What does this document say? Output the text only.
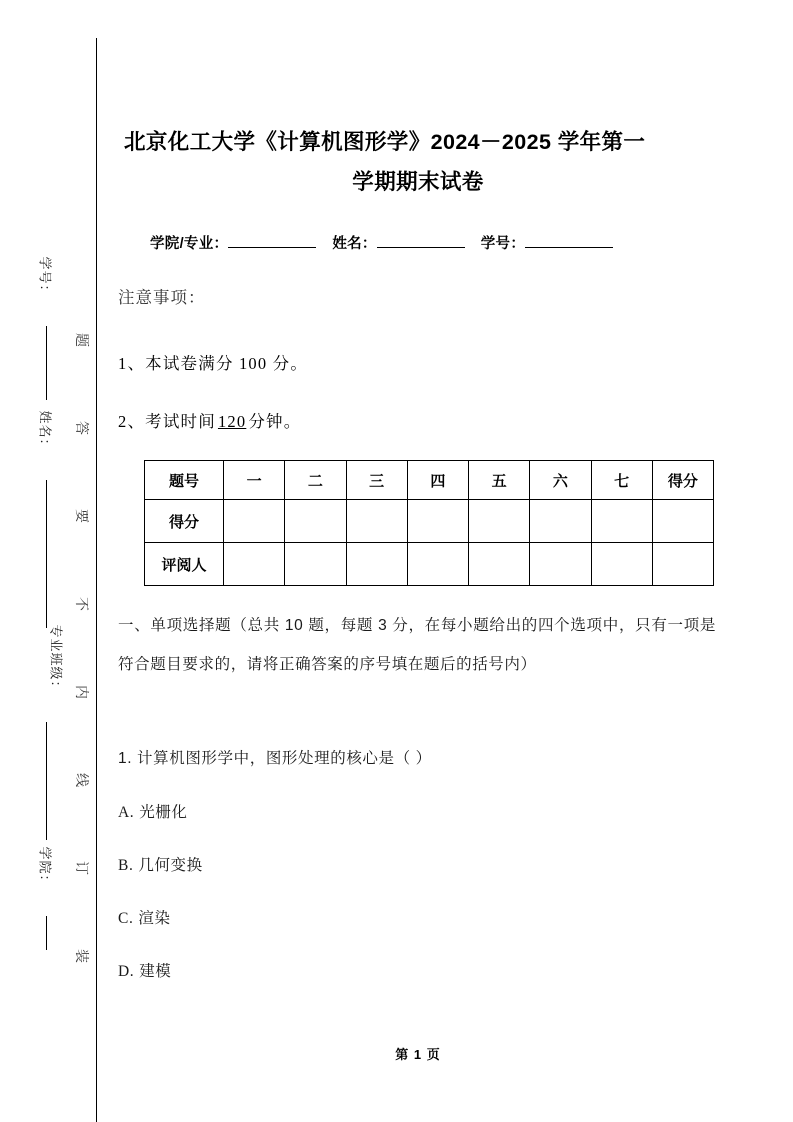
学号：
姓名：
专业班级：
学院：
题
答
要
不
内
线
订
装
北京化工大学《计算机图形学》2024－2025 学年第一
学期期末试卷
学院/专业：	姓名：	学号：
注意事项：
1、本试卷满分 100 分。
2、考试时间 120 分钟。
题号	一	二	三	四	五	六	七	得分
得分								
评阅人								
一、单项选择题（总共 10 题，每题 3 分，在每小题给出的四个选项中，只有一项是符合题目要求的，请将正确答案的序号填在题后的括号内）
1. 计算机图形学中，图形处理的核心是（ ）
A. 光栅化
B. 几何变换
C. 渲染
D. 建模
第 1 页
